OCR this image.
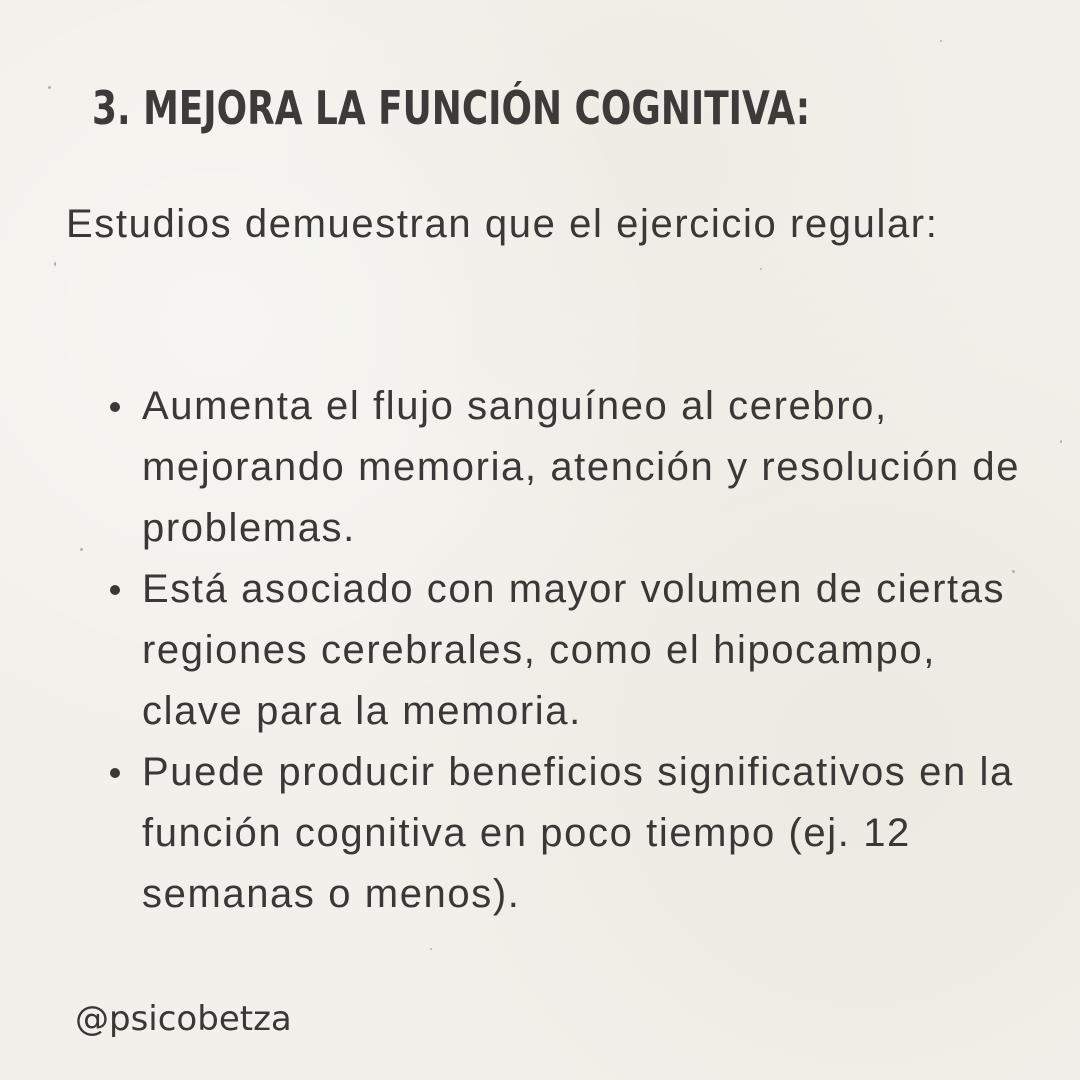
3. MEJORA LA FUNCIÓN COGNITIVA:

Estudios demuestran que el ejercicio regular:

Aumenta el flujo sanguíneo al cerebro, mejorando memoria, atención y resolución de problemas.
Está asociado con mayor volumen de ciertas regiones cerebrales, como el hipocampo, clave para la memoria.
Puede producir beneficios significativos en la función cognitiva en poco tiempo (ej. 12 semanas o menos).

@psicobetza
